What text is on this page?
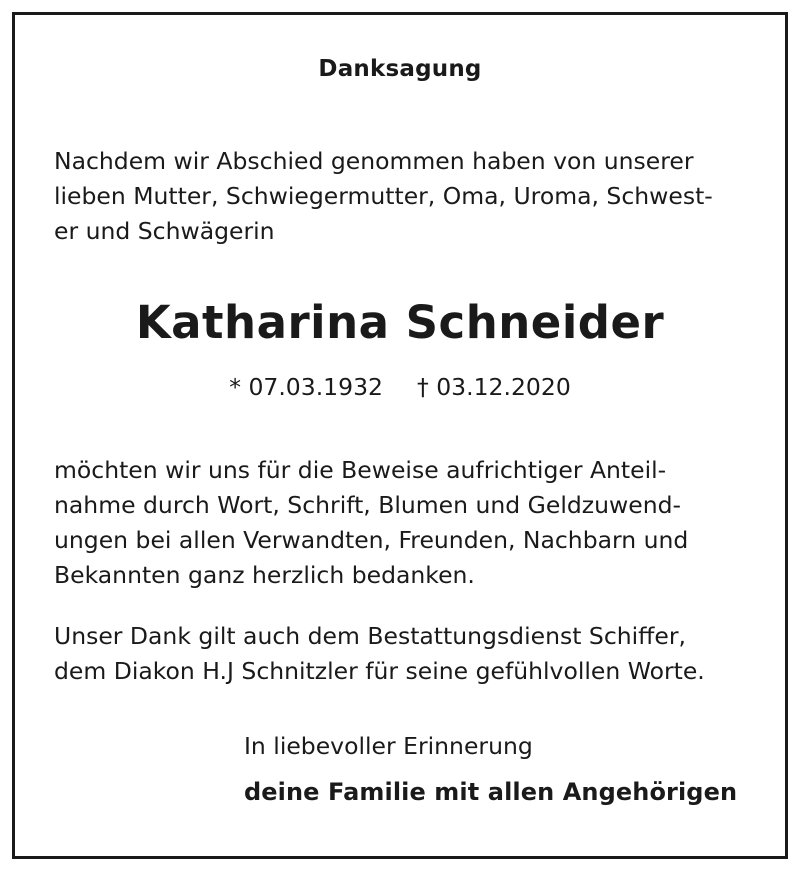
Danksagung

Nachdem wir Abschied genommen haben von unserer
lieben Mutter, Schwiegermutter, Oma, Uroma, Schwest-
er und Schwägerin

Katharina Schneider
* 07.03.1932 † 03.12.2020

möchten wir uns für die Beweise aufrichtiger Anteil-
nahme durch Wort, Schrift, Blumen und Geldzuwend-
ungen bei allen Verwandten, Freunden, Nachbarn und
Bekannten ganz herzlich bedanken.

Unser Dank gilt auch dem Bestattungsdienst Schiffer,
dem Diakon H.J Schnitzler für seine gefühlvollen Worte.

In liebevoller Erinnerung
deine Familie mit allen Angehörigen
